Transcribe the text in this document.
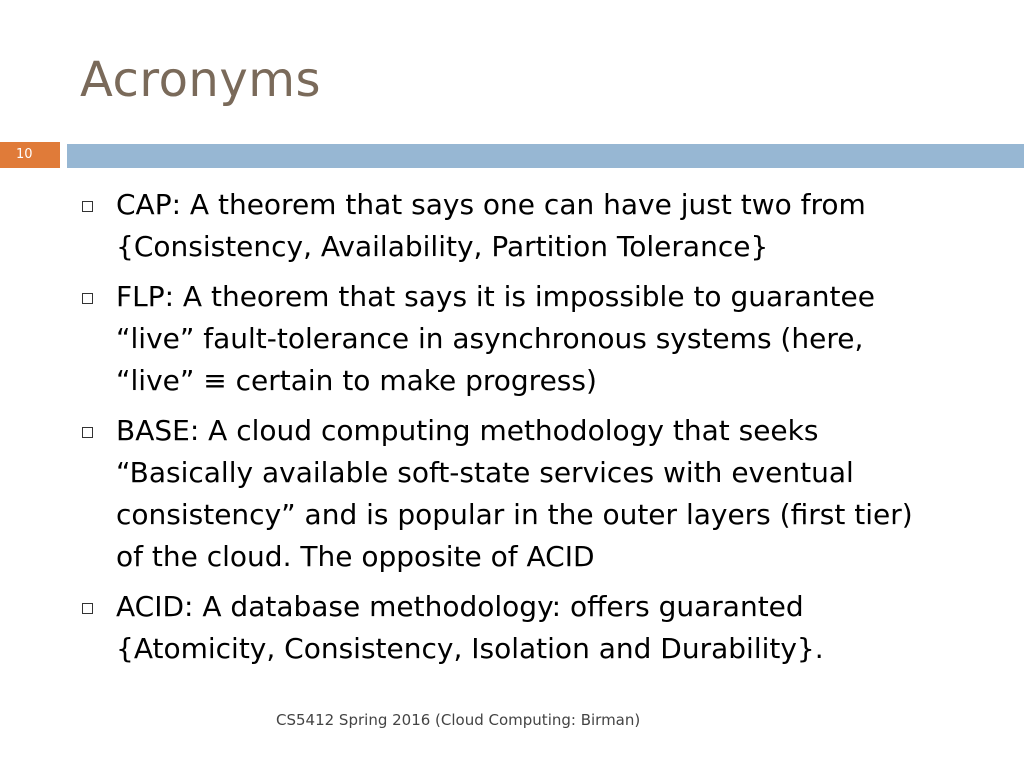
Acronyms
10
CAP: A theorem that says one can have just two from
{Consistency, Availability, Partition Tolerance}
FLP: A theorem that says it is impossible to guarantee
“live” fault-tolerance in asynchronous systems (here,
“live” ≡ certain to make progress)
BASE: A cloud computing methodology that seeks
“Basically available soft-state services with eventual
consistency” and is popular in the outer layers (first tier)
of the cloud. The opposite of ACID
ACID: A database methodology: offers guaranted
{Atomicity, Consistency, Isolation and Durability}.
CS5412 Spring 2016 (Cloud Computing: Birman)
